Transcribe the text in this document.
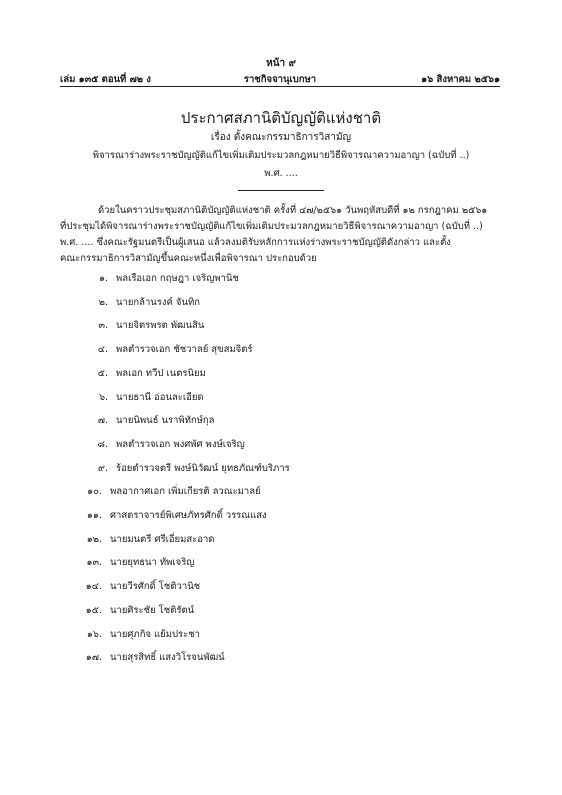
หน้า ๙
ราชกิจจานุเบกษา
เล่ม ๑๓๕ ตอนที่ ๗๒ ง	๑๖ สิงหาคม ๒๕๖๑
ประกาศสภานิติบัญญัติแห่งชาติ
เรื่อง ตั้งคณะกรรมาธิการวิสามัญ
พิจารณาร่างพระราชบัญญัติแก้ไขเพิ่มเติมประมวลกฎหมายวิธีพิจารณาความอาญา (ฉบับที่ ..)
พ.ศ. ....
ด้วยในคราวประชุมสภานิติบัญญัติแห่งชาติ ครั้งที่ ๔๗/๒๕๖๑ วันพฤหัสบดีที่ ๑๒ กรกฎาคม ๒๕๖๑
ที่ประชุมได้พิจารณาร่างพระราชบัญญัติแก้ไขเพิ่มเติมประมวลกฎหมายวิธีพิจารณาความอาญา (ฉบับที่ ..)
พ.ศ. .... ซึ่งคณะรัฐมนตรีเป็นผู้เสนอ แล้วลงมติรับหลักการแห่งร่างพระราชบัญญัติดังกล่าว และตั้ง
คณะกรรมาธิการวิสามัญขึ้นคณะหนึ่งเพื่อพิจารณา ประกอบด้วย
๑. พลเรือเอก กฤษฎา เจริญพานิช
๒. นายกล้านรงค์ จันทิก
๓. นายจิตรพรต พัฒนสิน
๔. พลตำรวจเอก ชัชวาลย์ สุขสมจิตร์
๕. พลเอก ทวีป เนตรนิยม
๖. นายธานี อ่อนละเอียด
๗. นายนิพนธ์ นราพิทักษ์กุล
๘. พลตำรวจเอก พงศพัศ พงษ์เจริญ
๙. ร้อยตำรวจตรี พงษ์นิวัฒน์ ยุทธภัณฑ์บริภาร
๑๐. พลอากาศเอก เพิ่มเกียรติ ลวณะมาลย์
๑๑. ศาสตราจารย์พิเศษภัทรศักดิ์ วรรณแสง
๑๒. นายมนตรี ศรีเอี่ยมสะอาด
๑๓. นายยุทธนา ทัพเจริญ
๑๔. นายวีรศักดิ์ โชติวานิช
๑๕. นายศิระชัย โชติรัตน์
๑๖. นายศุภกิจ แย้มประชา
๑๗. นายสุรสิทธิ์ แสงวิโรจนพัฒน์
